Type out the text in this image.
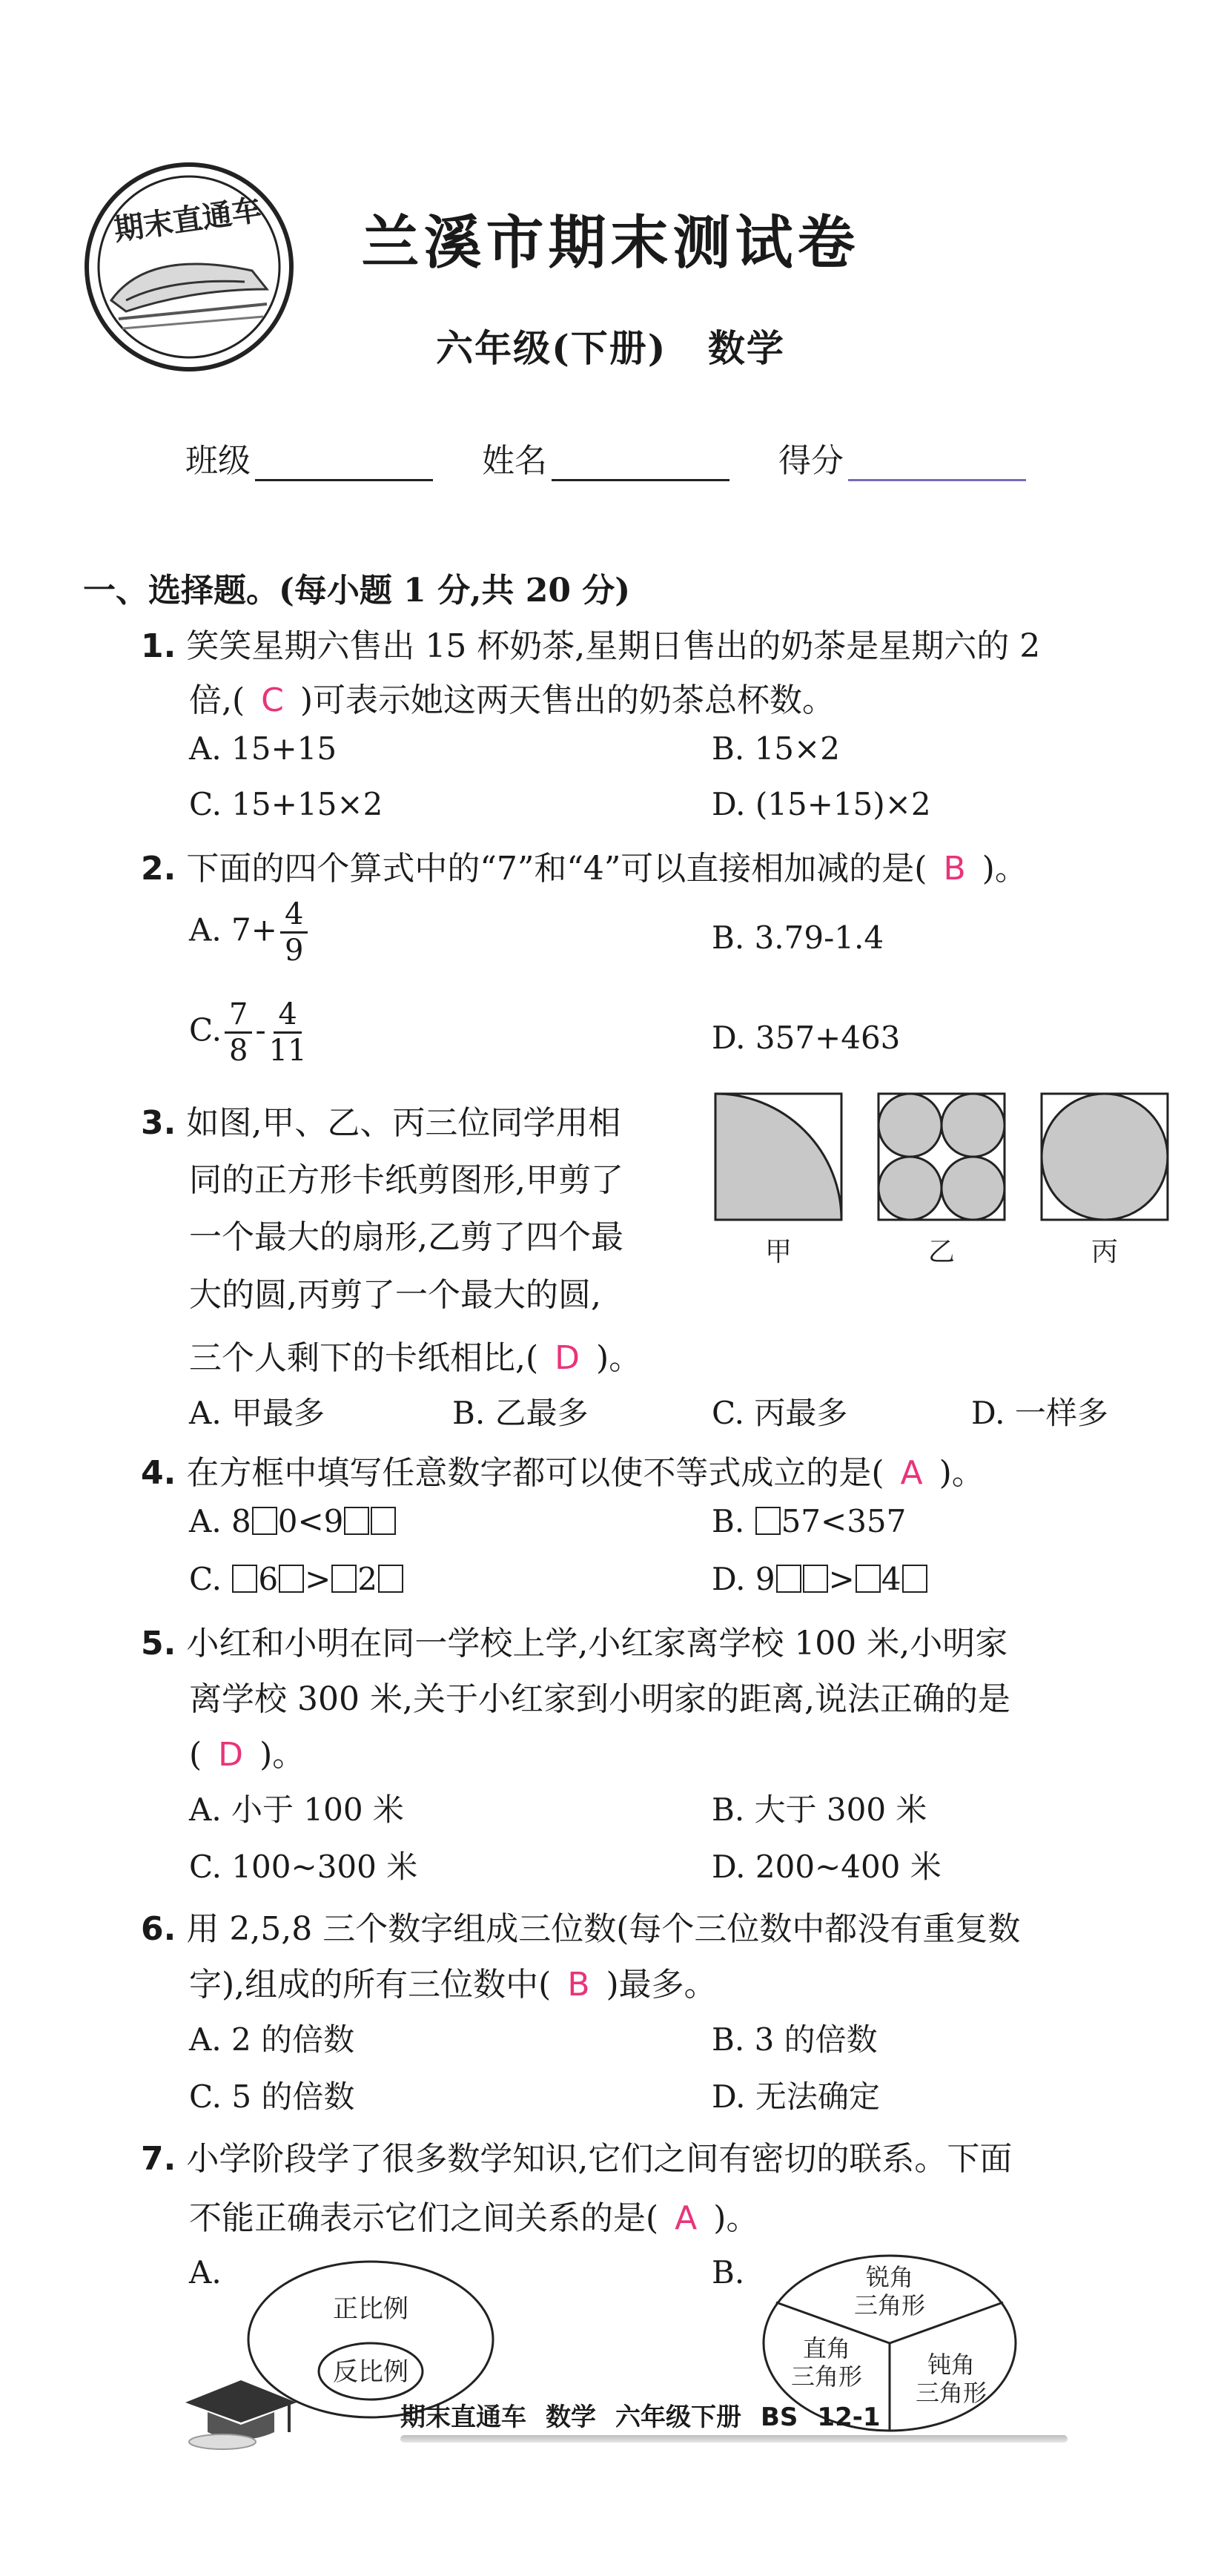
期末直通车	兰溪市期末测试卷
六年级(下册) 数学
班级	姓名	得分
一、选择题。(每小题 1 分,共 20 分)
1. 笑笑星期六售出 15 杯奶茶,星期日售出的奶茶是星期六的 2
倍,( C )可表示她这两天售出的奶茶总杯数。
A. 15+15	B. 15×2
C. 15+15×2	D. (15+15)×2
2. 下面的四个算式中的“7”和“4”可以直接相加减的是( B )。
A. $7+ \frac{4}{9}$	B. 3.79-1.4
C. $\frac{7}{8} - \frac{4}{11}$	D. 357+463
3. 如图,甲、乙、丙三位同学用相
同的正方形卡纸剪图形,甲剪了
一个最大的扇形,乙剪了四个最
大的圆,丙剪了一个最大的圆,
三个人剩下的卡纸相比,( D )。
甲	乙	丙
A. 甲最多	B. 乙最多	C. 丙最多	D. 一样多
4. 在方框中填写任意数字都可以使不等式成立的是( A )。
A. 8 0<9	B. 57<357
C. 6 > 2	D. 9 > 4
5. 小红和小明在同一学校上学,小红家离学校 100 米,小明家
离学校 300 米,关于小红家到小明家的距离,说法正确的是
( D )。
A. 小于 100 米	B. 大于 300 米
C. 100~300 米	D. 200~400 米
6. 用 2,5,8 三个数字组成三位数(每个三位数中都没有重复数
字),组成的所有三位数中( B )最多。
A. 2 的倍数	B. 3 的倍数
C. 5 的倍数	D. 无法确定
7. 小学阶段学了很多数学知识,它们之间有密切的联系。下面
不能正确表示它们之间关系的是( A )。
A.
正比例
反比例
B.	锐角
三角形
直角
三角形	钝角
三角形
期末直通车 数学 六年级下册 BS 12-1
